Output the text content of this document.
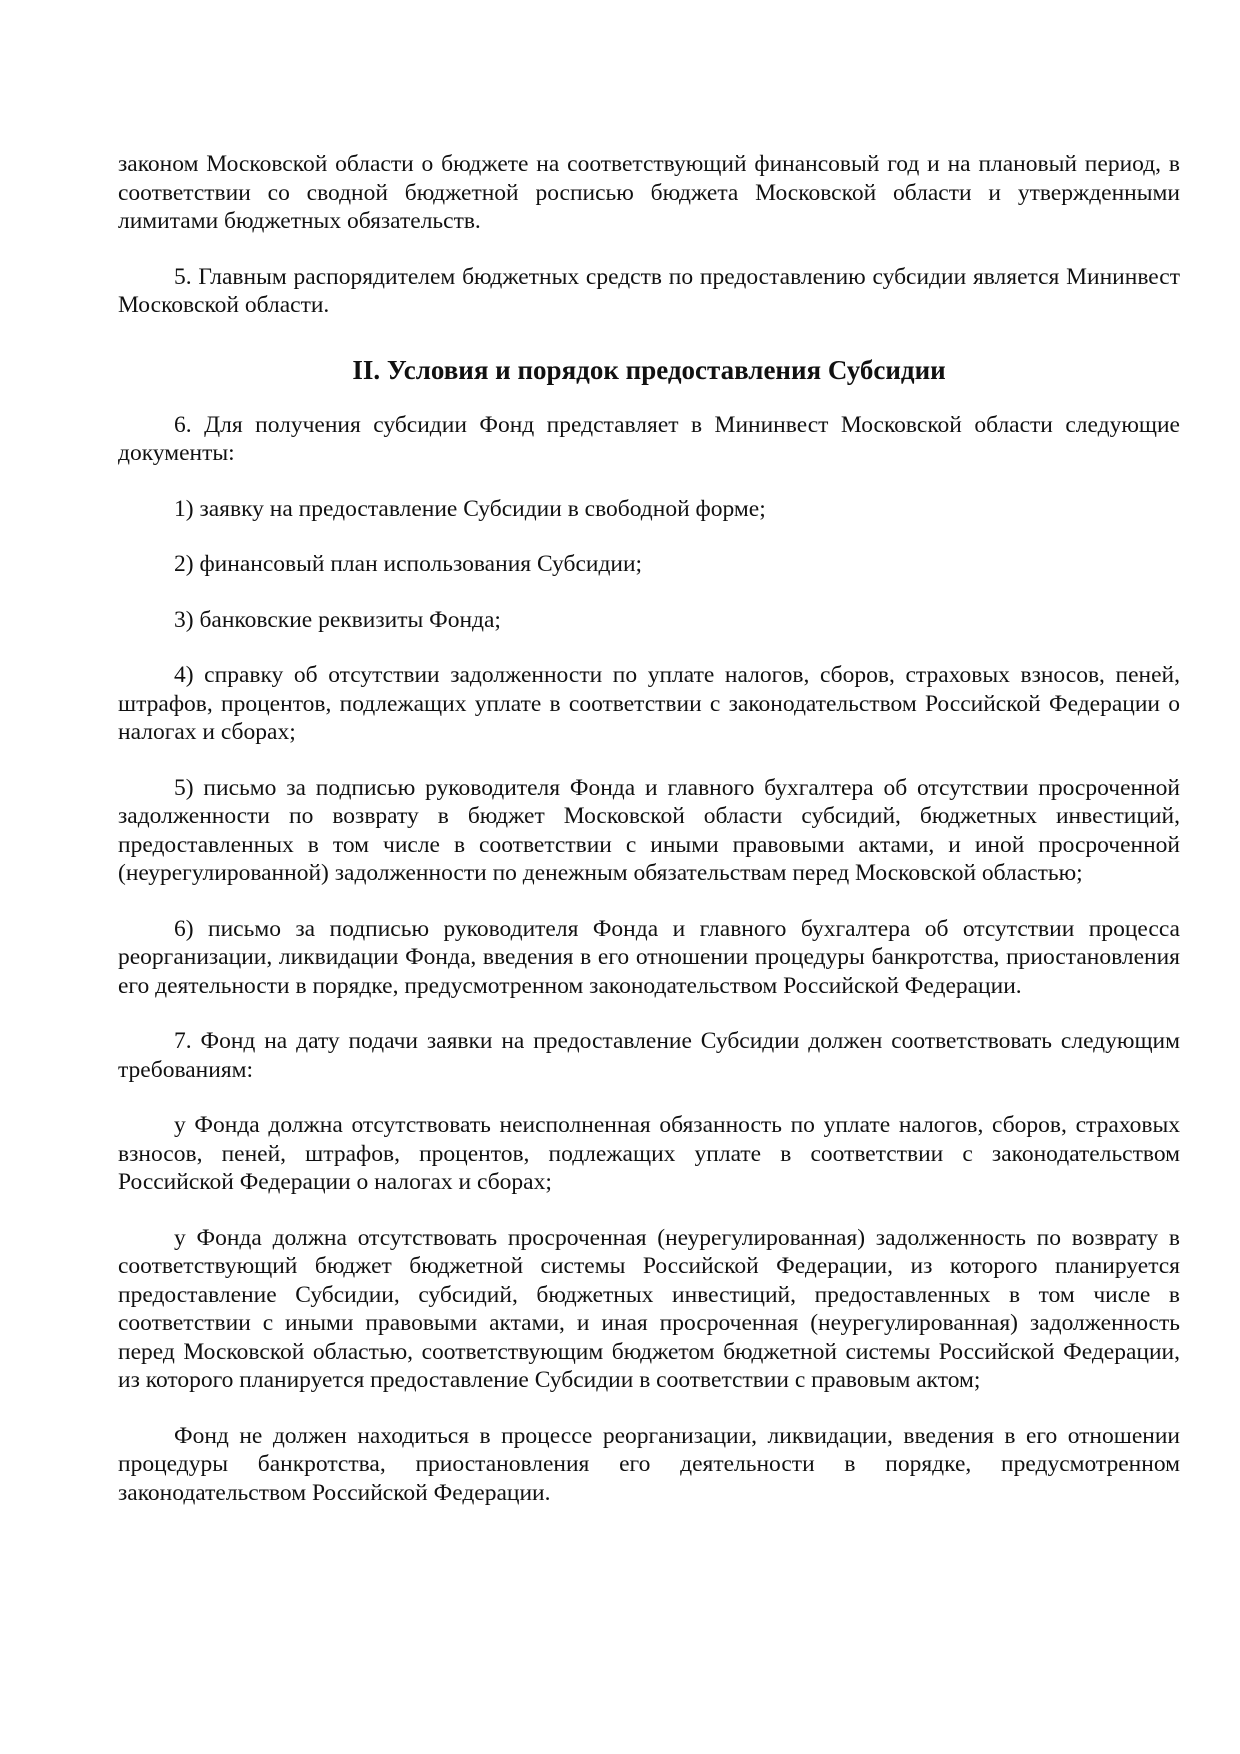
законом Московской области о бюджете на соответствующий финансовый год и на плановый период, в соответствии со сводной бюджетной росписью бюджета Московской области и утвержденными лимитами бюджетных обязательств.

5. Главным распорядителем бюджетных средств по предоставлению субсидии является Мининвест Московской области.

II. Условия и порядок предоставления Субсидии

6. Для получения субсидии Фонд представляет в Мининвест Московской области следующие документы:

1) заявку на предоставление Субсидии в свободной форме;

2) финансовый план использования Субсидии;

3) банковские реквизиты Фонда;

4) справку об отсутствии задолженности по уплате налогов, сборов, страховых взносов, пеней, штрафов, процентов, подлежащих уплате в соответствии с законодательством Российской Федерации о налогах и сборах;

5) письмо за подписью руководителя Фонда и главного бухгалтера об отсутствии просроченной задолженности по возврату в бюджет Московской области субсидий, бюджетных инвестиций, предоставленных в том числе в соответствии с иными правовыми актами, и иной просроченной (неурегулированной) задолженности по денежным обязательствам перед Московской областью;

6) письмо за подписью руководителя Фонда и главного бухгалтера об отсутствии процесса реорганизации, ликвидации Фонда, введения в его отношении процедуры банкротства, приостановления его деятельности в порядке, предусмотренном законодательством Российской Федерации.

7. Фонд на дату подачи заявки на предоставление Субсидии должен соответствовать следующим требованиям:

у Фонда должна отсутствовать неисполненная обязанность по уплате налогов, сборов, страховых взносов, пеней, штрафов, процентов, подлежащих уплате в соответствии с законодательством Российской Федерации о налогах и сборах;

у Фонда должна отсутствовать просроченная (неурегулированная) задолженность по возврату в соответствующий бюджет бюджетной системы Российской Федерации, из которого планируется предоставление Субсидии, субсидий, бюджетных инвестиций, предоставленных в том числе в соответствии с иными правовыми актами, и иная просроченная (неурегулированная) задолженность перед Московской областью, соответствующим бюджетом бюджетной системы Российской Федерации, из которого планируется предоставление Субсидии в соответствии с правовым актом;

Фонд не должен находиться в процессе реорганизации, ликвидации, введения в его отношении процедуры банкротства, приостановления его деятельности в порядке, предусмотренном законодательством Российской Федерации.
